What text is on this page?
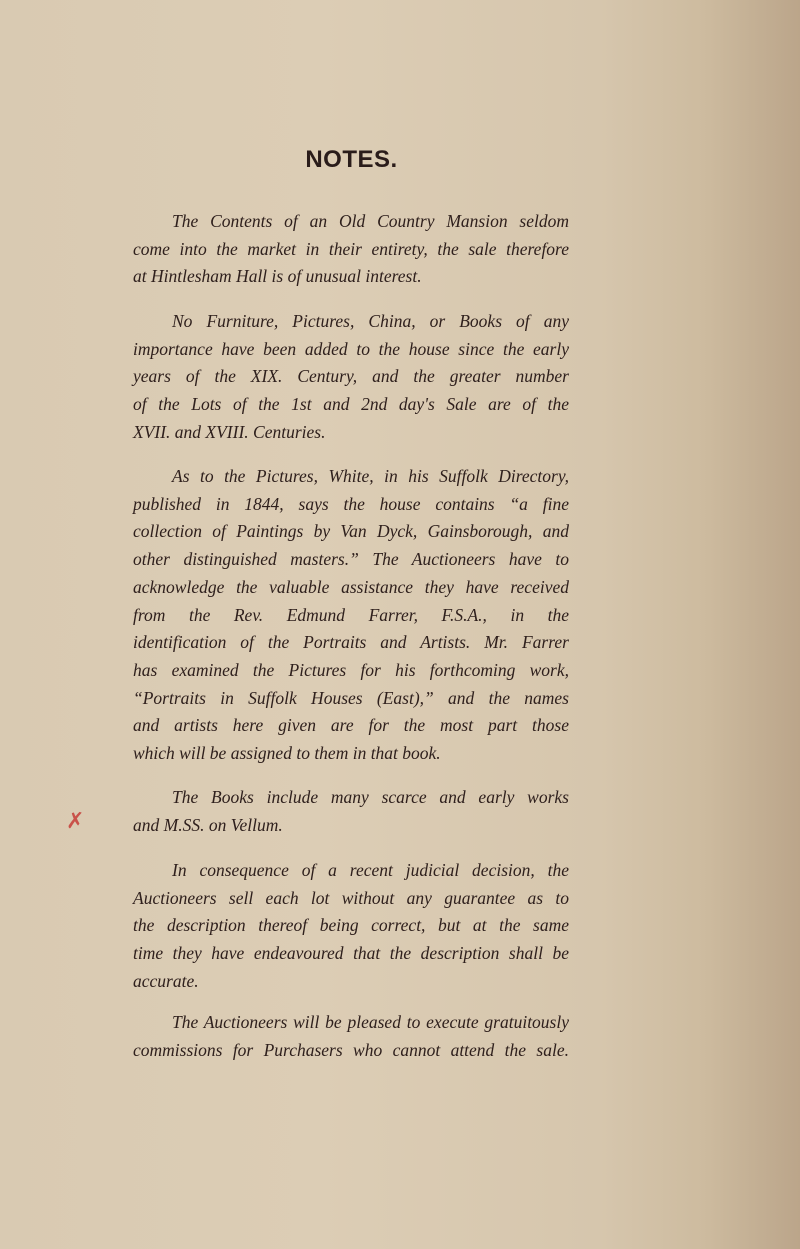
NOTES.
The Contents of an Old Country Mansion seldom
come into the market in their entirety, the sale therefore
at Hintlesham Hall is of unusual interest.
No Furniture, Pictures, China, or Books of any
importance have been added to the house since the early
years of the XIX. Century, and the greater number
of the Lots of the 1st and 2nd day's Sale are of the
XVII. and XVIII. Centuries.
As to the Pictures, White, in his Suffolk Directory,
published in 1844, says the house contains “a fine
collection of Paintings by Van Dyck, Gainsborough, and
other distinguished masters.” The Auctioneers have to
acknowledge the valuable assistance they have received
from the Rev. Edmund Farrer, F.S.A., in the
identification of the Portraits and Artists. Mr. Farrer
has examined the Pictures for his forthcoming work,
“Portraits in Suffolk Houses (East),” and the names
and artists here given are for the most part those
which will be assigned to them in that book.
The Books include many scarce and early works
and M.SS. on Vellum.
In consequence of a recent judicial decision, the
Auctioneers sell each lot without any guarantee as to
the description thereof being correct, but at the same
time they have endeavoured that the description shall be
accurate.
The Auctioneers will be pleased to execute gratuitously
commissions for Purchasers who cannot attend the sale.
✗
